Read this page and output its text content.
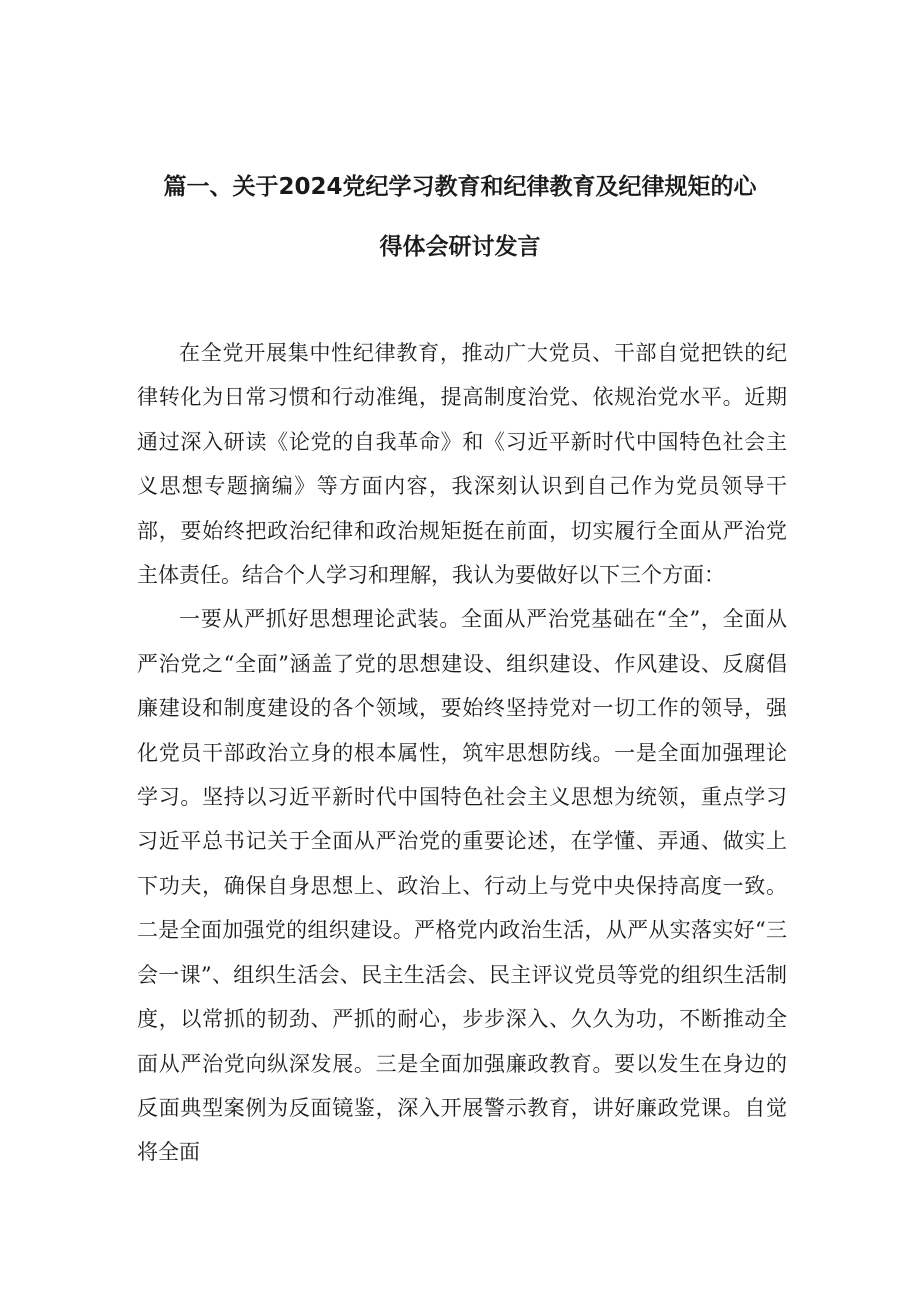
篇一、关于2024党纪学习教育和纪律教育及纪律规矩的心
得体会研讨发言

在全党开展集中性纪律教育，推动广大党员、干部自觉把铁的纪律转化为日常习惯和行动准绳，提高制度治党、依规治党水平。近期通过深入研读《论党的自我革命》和《习近平新时代中国特色社会主义思想专题摘编》等方面内容，我深刻认识到自己作为党员领导干部，要始终把政治纪律和政治规矩挺在前面，切实履行全面从严治党主体责任。结合个人学习和理解，我认为要做好以下三个方面：

一要从严抓好思想理论武装。全面从严治党基础在“全”，全面从严治党之“全面”涵盖了党的思想建设、组织建设、作风建设、反腐倡廉建设和制度建设的各个领域，要始终坚持党对一切工作的领导，强化党员干部政治立身的根本属性，筑牢思想防线。一是全面加强理论学习。坚持以习近平新时代中国特色社会主义思想为统领，重点学习习近平总书记关于全面从严治党的重要论述，在学懂、弄通、做实上下功夫，确保自身思想上、政治上、行动上与党中央保持高度一致。二是全面加强党的组织建设。严格党内政治生活，从严从实落实好“三会一课”、组织生活会、民主生活会、民主评议党员等党的组织生活制度，以常抓的韧劲、严抓的耐心，步步深入、久久为功，不断推动全面从严治党向纵深发展。三是全面加强廉政教育。要以发生在身边的反面典型案例为反面镜鉴，深入开展警示教育，讲好廉政党课。自觉将全面
